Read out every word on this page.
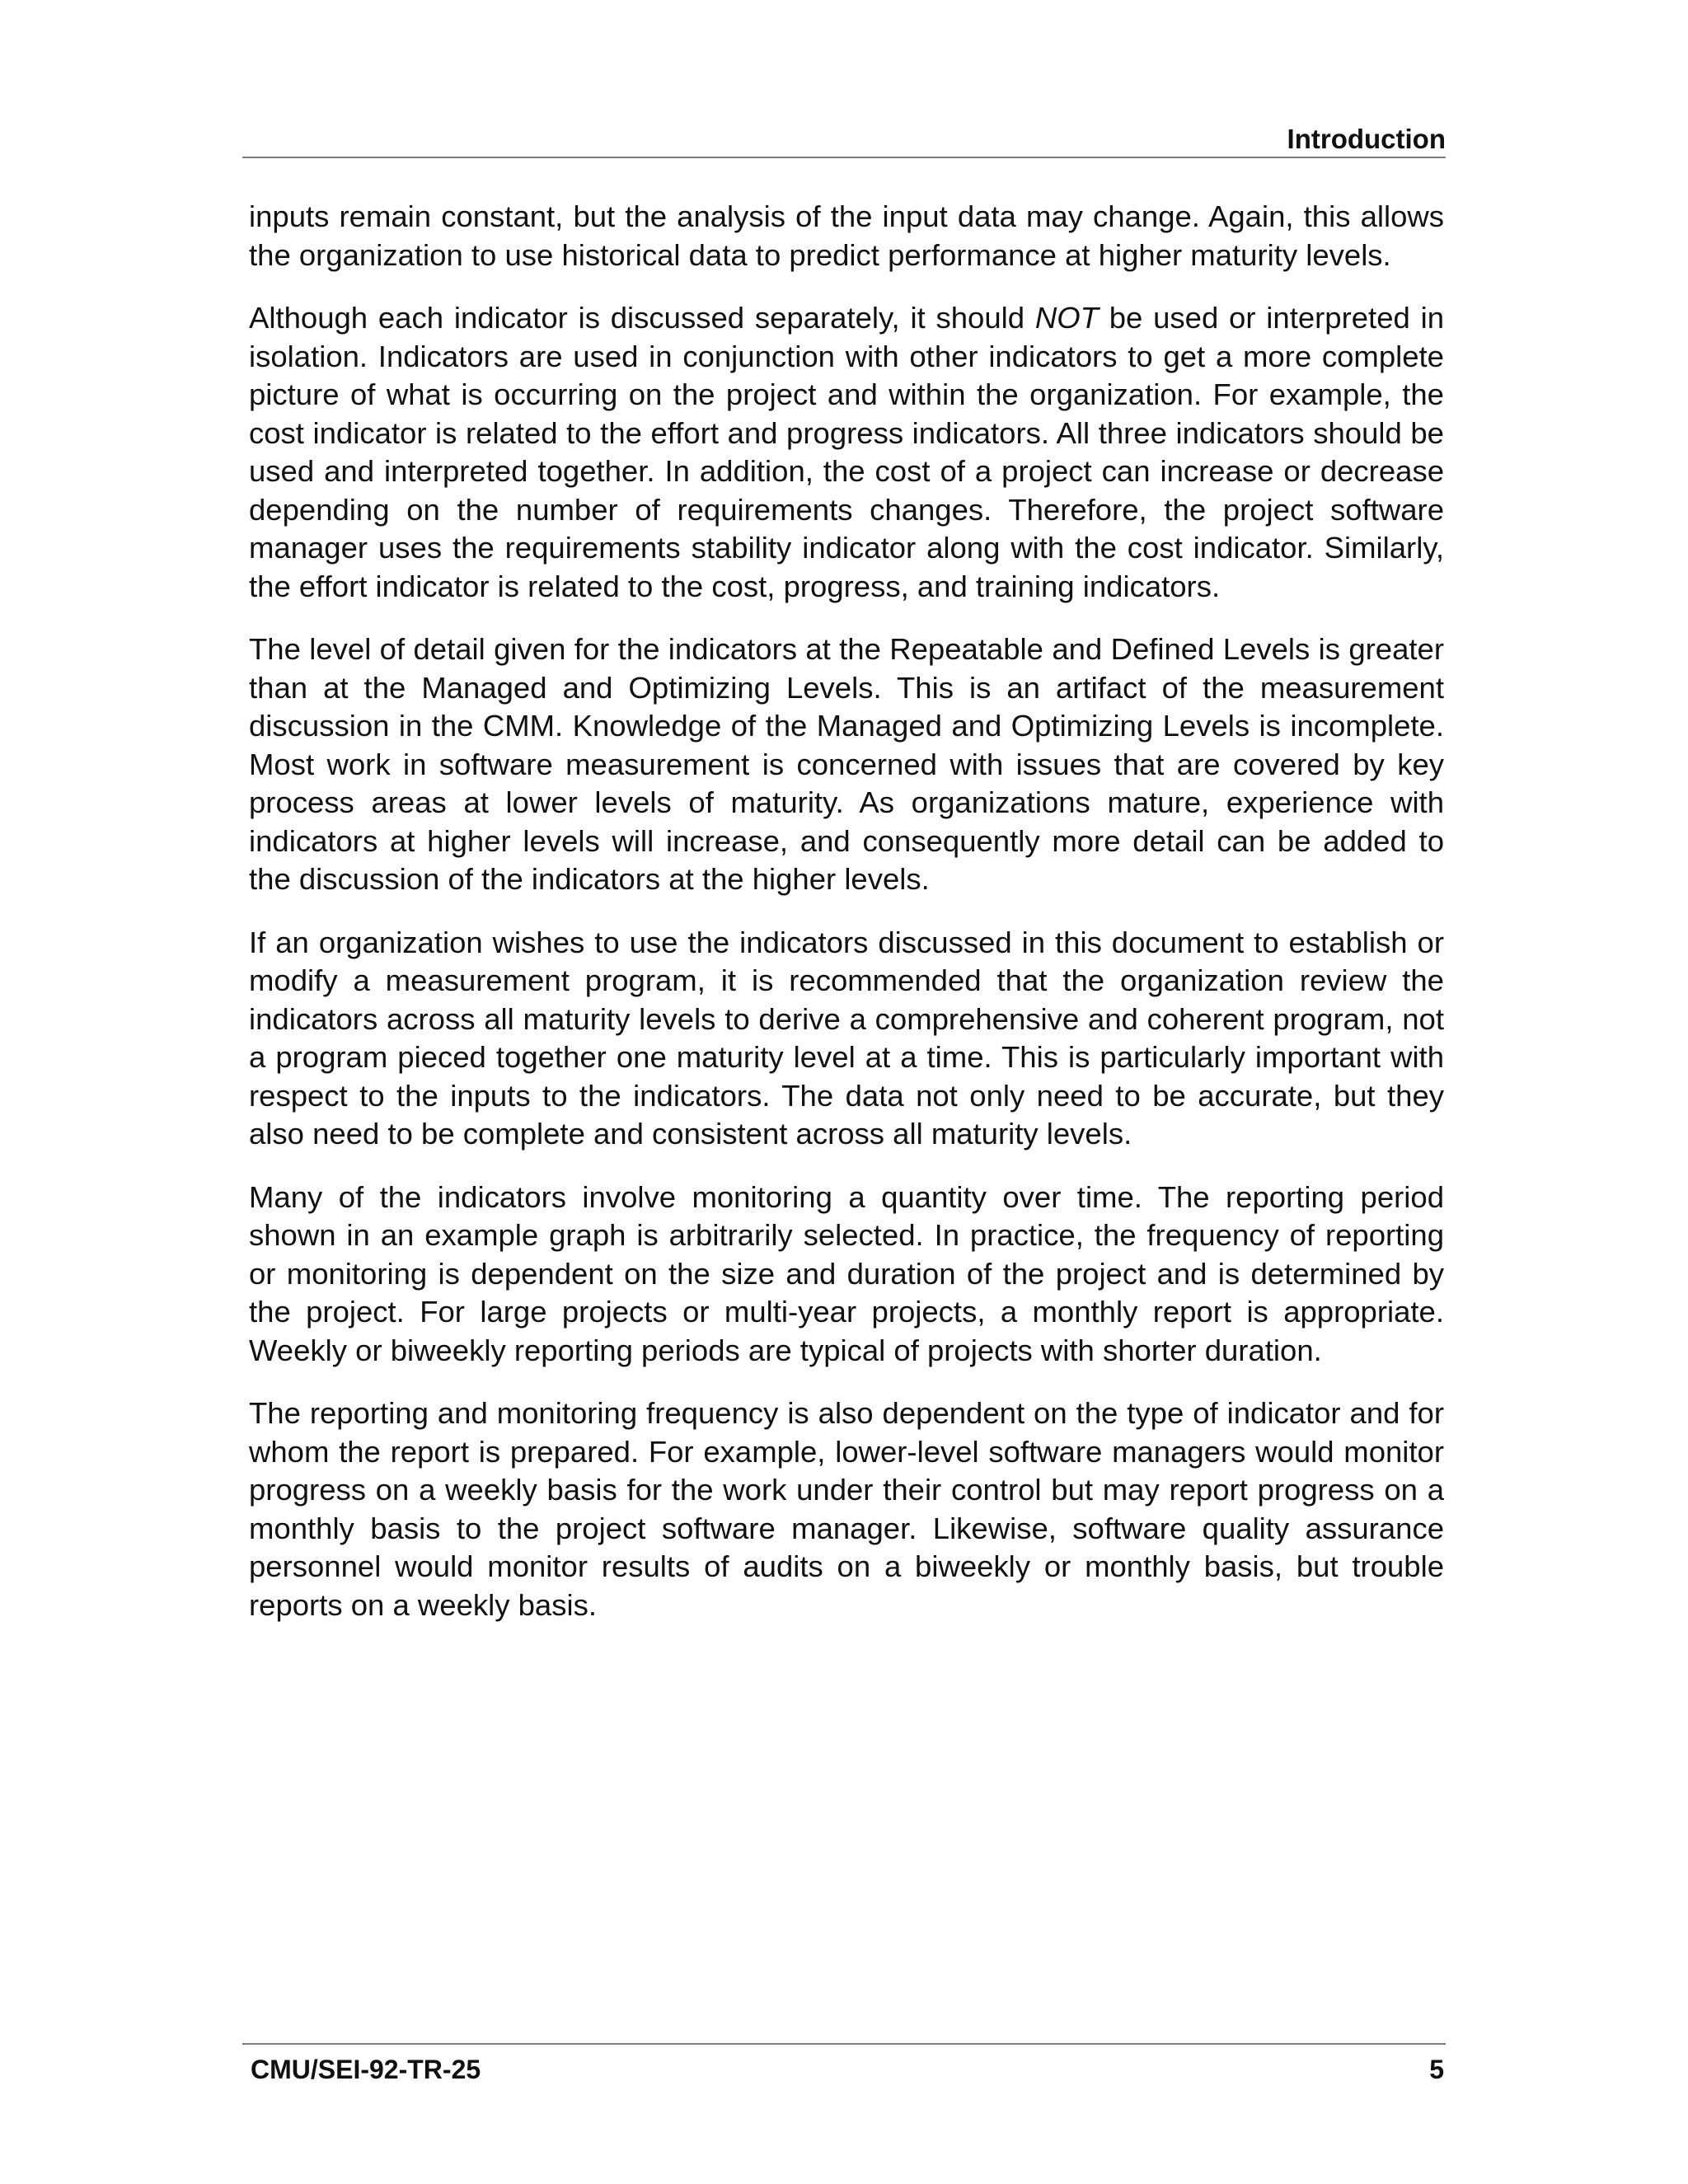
Introduction

inputs remain constant, but the analysis of the input data may change. Again, this allows the organization to use historical data to predict performance at higher maturity levels.

Although each indicator is discussed separately, it should NOT be used or interpreted in isolation. Indicators are used in conjunction with other indicators to get a more complete picture of what is occurring on the project and within the organization. For example, the cost indicator is related to the effort and progress indicators. All three indicators should be used and interpreted together. In addition, the cost of a project can increase or decrease depending on the number of requirements changes. Therefore, the project software manager uses the requirements stability indicator along with the cost indicator. Similarly, the effort indicator is related to the cost, progress, and training indicators.

The level of detail given for the indicators at the Repeatable and Defined Levels is greater than at the Managed and Optimizing Levels. This is an artifact of the measurement discussion in the CMM. Knowledge of the Managed and Optimizing Levels is incomplete. Most work in software measurement is concerned with issues that are covered by key process areas at lower levels of maturity. As organizations mature, experience with indicators at higher levels will increase, and consequently more detail can be added to the discussion of the indicators at the higher levels.

If an organization wishes to use the indicators discussed in this document to establish or modify a measurement program, it is recommended that the organization review the indicators across all maturity levels to derive a comprehensive and coherent program, not a program pieced together one maturity level at a time. This is particularly important with respect to the inputs to the indicators. The data not only need to be accurate, but they also need to be complete and consistent across all maturity levels.

Many of the indicators involve monitoring a quantity over time. The reporting period shown in an example graph is arbitrarily selected. In practice, the frequency of reporting or monitoring is dependent on the size and duration of the project and is determined by the project. For large projects or multi-year projects, a monthly report is appropriate. Weekly or biweekly reporting periods are typical of projects with shorter duration.

The reporting and monitoring frequency is also dependent on the type of indicator and for whom the report is prepared. For example, lower-level software managers would monitor progress on a weekly basis for the work under their control but may report progress on a monthly basis to the project software manager. Likewise, software quality assurance personnel would monitor results of audits on a biweekly or monthly basis, but trouble reports on a weekly basis.

CMU/SEI-92-TR-25	5
